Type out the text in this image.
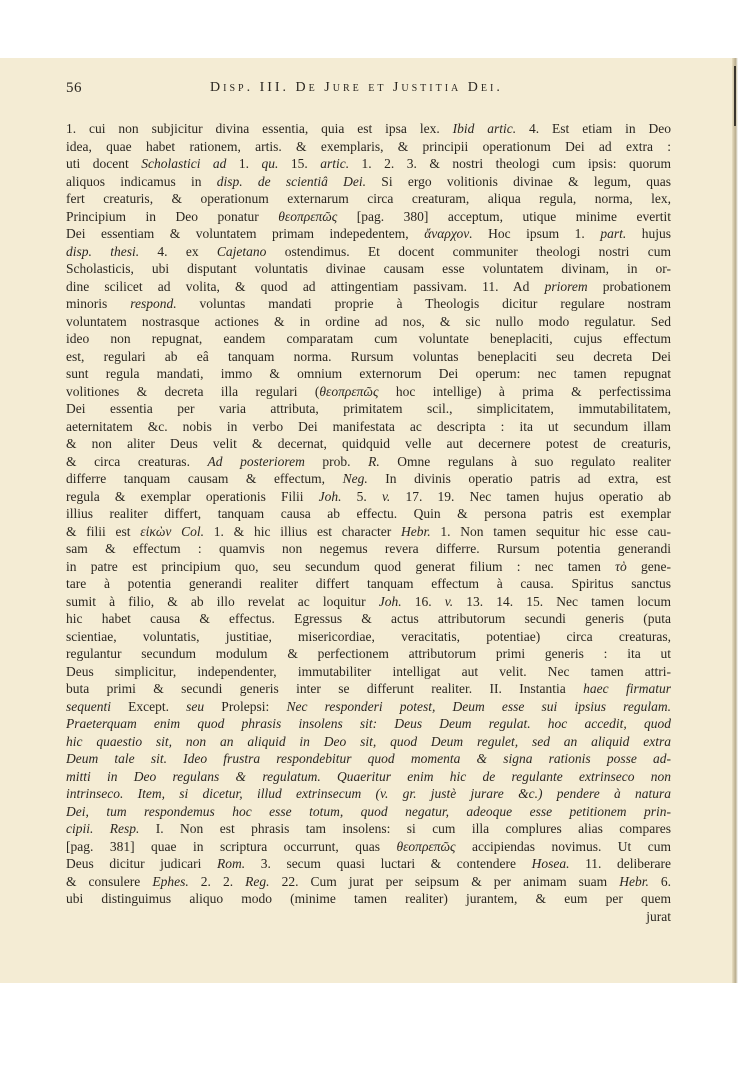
56	Disp. III. De Jure et Justitia Dei.
1. cui non subjicitur divina essentia, quia est ipsa lex. Ibid artic. 4. Est etiam in Deo
idea, quae habet rationem, artis. & exemplaris, & principii operationum Dei ad extra :
uti docent Scholastici ad 1. qu. 15. artic. 1. 2. 3. & nostri theologi cum ipsis: quorum
aliquos indicamus in disp. de scientiâ Dei. Si ergo volitionis divinae & legum, quas
fert creaturis, & operationum externarum circa creaturam, aliqua regula, norma, lex,
Principium in Deo ponatur θεοπρεπῶς [pag. 380] acceptum, utique minime evertit
Dei essentiam & voluntatem primam indepedentem, ἄναρχον. Hoc ipsum 1. part. hujus
disp. thesi. 4. ex Cajetano ostendimus. Et docent communiter theologi nostri cum
Scholasticis, ubi disputant voluntatis divinae causam esse voluntatem divinam, in or-
dine scilicet ad volita, & quod ad attingentiam passivam. 11. Ad priorem probationem
minoris respond. voluntas mandati proprie à Theologis dicitur regulare nostram
voluntatem nostrasque actiones & in ordine ad nos, & sic nullo modo regulatur. Sed
ideo non repugnat, eandem comparatam cum voluntate beneplaciti, cujus effectum
est, regulari ab eâ tanquam norma. Rursum voluntas beneplaciti seu decreta Dei
sunt regula mandati, immo & omnium externorum Dei operum: nec tamen repugnat
volitiones & decreta illa regulari (θεοπρεπῶς hoc intellige) à prima & perfectissima
Dei essentia per varia attributa, primitatem scil., simplicitatem, immutabilitatem,
aeternitatem &c. nobis in verbo Dei manifestata ac descripta : ita ut secundum illam
& non aliter Deus velit & decernat, quidquid velle aut decernere potest de creaturis,
& circa creaturas. Ad posteriorem prob. R. Omne regulans à suo regulato realiter
differre tanquam causam & effectum, Neg. In divinis operatio patris ad extra, est
regula & exemplar operationis Filii Joh. 5. v. 17. 19. Nec tamen hujus operatio ab
illius realiter differt, tanquam causa ab effectu. Quin & persona patris est exemplar
& filii est εἰκὼν Col. 1. & hic illius est character Hebr. 1. Non tamen sequitur hic esse cau-
sam & effectum : quamvis non negemus revera differre. Rursum potentia generandi
in patre est principium quo, seu secundum quod generat filium : nec tamen τὸ gene-
tare à potentia generandi realiter differt tanquam effectum à causa. Spiritus sanctus
sumit à filio, & ab illo revelat ac loquitur Joh. 16. v. 13. 14. 15. Nec tamen locum
hic habet causa & effectus. Egressus & actus attributorum secundi generis (puta
scientiae, voluntatis, justitiae, misericordiae, veracitatis, potentiae) circa creaturas,
regulantur secundum modulum & perfectionem attributorum primi generis : ita ut
Deus simplicitur, independenter, immutabiliter intelligat aut velit. Nec tamen attri-
buta primi & secundi generis inter se differunt realiter. II. Instantia haec firmatur
sequenti Except. seu Prolepsi: Nec responderi potest, Deum esse sui ipsius regulam.
Praeterquam enim quod phrasis insolens sit: Deus Deum regulat. hoc accedit, quod
hic quaestio sit, non an aliquid in Deo sit, quod Deum regulet, sed an aliquid extra
Deum tale sit. Ideo frustra respondebitur quod momenta & signa rationis posse ad-
mitti in Deo regulans & regulatum. Quaeritur enim hic de regulante extrinseco non
intrinseco. Item, si dicetur, illud extrinsecum (v. gr. justè jurare &c.) pendere à natura
Dei, tum respondemus hoc esse totum, quod negatur, adeoque esse petitionem prin-
cipii. Resp. I. Non est phrasis tam insolens: si cum illa complures alias compares
[pag. 381] quae in scriptura occurrunt, quas θεοπρεπῶς accipiendas novimus. Ut cum
Deus dicitur judicari Rom. 3. secum quasi luctari & contendere Hosea. 11. deliberare
& consulere Ephes. 2. 2. Reg. 22. Cum jurat per seipsum & per animam suam Hebr. 6.
ubi distinguimus aliquo modo (minime tamen realiter) jurantem, & eum per quem
jurat
